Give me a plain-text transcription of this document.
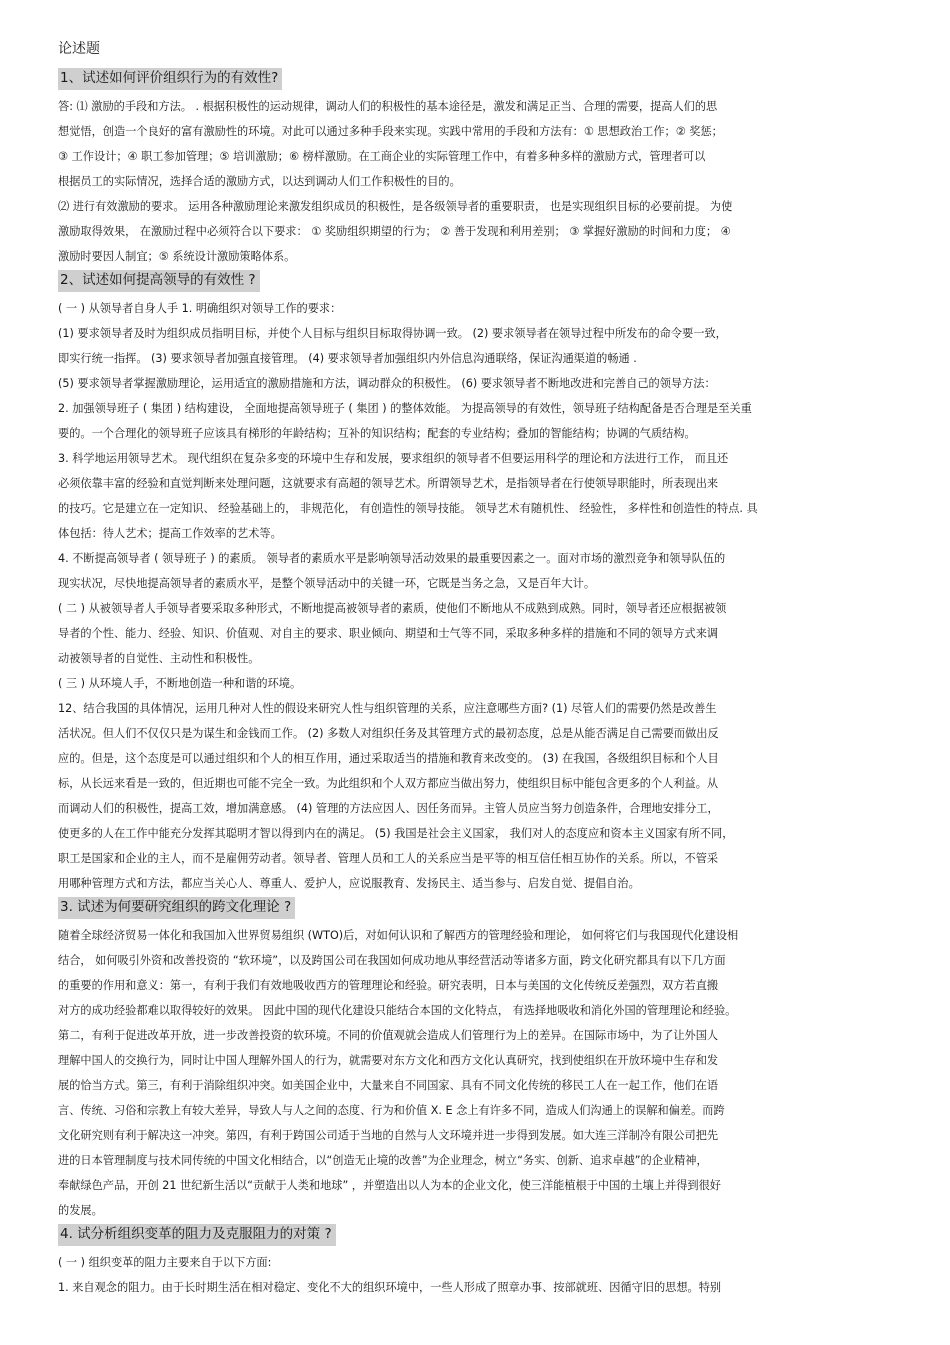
论述题
1、试述如何评价组织行为的有效性?
答: ⑴ 激励的手段和方法。 . 根据积极性的运动规律，调动人们的积极性的基本途径是，激发和满足正当、合理的需要，提高人们的思
想觉悟，创造一个良好的富有激励性的环境。对此可以通过多种手段来实现。实践中常用的手段和方法有：① 思想政治工作；② 奖惩；
③ 工作设计；④ 职工参加管理；⑤ 培训激励；⑥ 榜样激励。在工商企业的实际管理工作中，有着多种多样的激励方式，管理者可以
根据员工的实际情况，选择合适的激励方式，以达到调动人们工作积极性的目的。
⑵ 进行有效激励的要求。 运用各种激励理论来激发组织成员的积极性，是各级领导者的重要职责， 也是实现组织目标的必要前提。 为使
激励取得效果， 在激励过程中必须符合以下要求： ① 奖励组织期望的行为； ② 善于发现和利用差别； ③ 掌握好激励的时间和力度； ④
激励时要因人制宜；⑤ 系统设计激励策略体系。
2、试述如何提高领导的有效性 ?
( 一 ) 从领导者自身人手 1. 明确组织对领导工作的要求：
(1) 要求领导者及时为组织成员指明目标，并使个人目标与组织目标取得协调一致。 (2) 要求领导者在领导过程中所发布的命令要一致，
即实行统一指挥。 (3) 要求领导者加强直接管理。 (4) 要求领导者加强组织内外信息沟通联络，保证沟通渠道的畅通 .
(5) 要求领导者掌握激励理论，运用适宜的激励措施和方法，调动群众的积极性。 (6) 要求领导者不断地改进和完善自己的领导方法：
2. 加强领导班子 ( 集团 ) 结构建设， 全面地提高领导班子 ( 集团 ) 的整体效能。 为提高领导的有效性，领导班子结构配备是否合理是至关重
要的。一个合理化的领导班子应该具有梯形的年龄结构；互补的知识结构；配套的专业结构；叠加的智能结构；协调的气质结构。
3. 科学地运用领导艺术。 现代组织在复杂多变的环境中生存和发展，要求组织的领导者不但要运用科学的理论和方法进行工作， 而且还
必须依靠丰富的经验和直觉判断来处理问题，这就要求有高超的领导艺术。所谓领导艺术，是指领导者在行使领导职能时，所表现出来
的技巧。它是建立在一定知识、 经验基础上的， 非规范化， 有创造性的领导技能。 领导艺术有随机性、 经验性， 多样性和创造性的特点. 具
体包括：待人艺术；提高工作效率的艺术等。
4. 不断提高领导者 ( 领导班子 ) 的素质。 领导者的素质水平是影响领导活动效果的最重要因素之一。面对市场的激烈竞争和领导队伍的
现实状况，尽快地提高领导者的素质水平，是整个领导活动中的关键一环，它既是当务之急，又是百年大计。
( 二 ) 从被领导者人手领导者要采取多种形式，不断地提高被领导者的素质，使他们不断地从不成熟到成熟。同时，领导者还应根据被领
导者的个性、能力、经验、知识、价值观、对自主的要求、职业倾向、期望和士气等不同，采取多种多样的措施和不同的领导方式来调
动被领导者的自觉性、主动性和积极性。
( 三 ) 从环境人手，不断地创造一种和谐的环境。
12、结合我国的具体情况，运用几种对人性的假设来研究人性与组织管理的关系，应注意哪些方面? (1) 尽管人们的需要仍然是改善生
活状况。但人们不仅仅只是为谋生和金钱而工作。 (2) 多数人对组织任务及其管理方式的最初态度，总是从能否满足自己需要而做出反
应的。但是，这个态度是可以通过组织和个人的相互作用，通过采取适当的措施和教育来改变的。 (3) 在我国，各级组织目标和个人目
标，从长远来看是一致的，但近期也可能不完全一致。为此组织和个人双方都应当做出努力，使组织目标中能包含更多的个人利益。从
而调动人们的积极性，提高工效，增加满意感。 (4) 管理的方法应因人、因任务而异。主管人员应当努力创造条件，合理地安排分工，
使更多的人在工作中能充分发挥其聪明才智以得到内在的满足。 (5) 我国是社会主义国家， 我们对人的态度应和资本主义国家有所不同，
职工是国家和企业的主人，而不是雇佣劳动者。领导者、管理人员和工人的关系应当是平等的相互信任相互协作的关系。所以，不管采
用哪种管理方式和方法，都应当关心人、尊重人、爱护人，应说服教育、发扬民主、适当参与、启发自觉、提倡自治。
3. 试述为何要研究组织的跨文化理论 ?
随着全球经济贸易一体化和我国加入世界贸易组织 (WTO)后，对如何认识和了解西方的管理经验和理论， 如何将它们与我国现代化建设相
结合， 如何吸引外资和改善投资的 “软环境”，以及跨国公司在我国如何成功地从事经营活动等诸多方面，跨文化研究都具有以下几方面
的重要的作用和意义：第一，有利于我们有效地吸收西方的管理理论和经验。研究表明，日本与美国的文化传统反差强烈，双方若直搬
对方的成功经验都难以取得较好的效果。 因此中国的现代化建设只能结合本国的文化特点， 有选择地吸收和消化外国的管理理论和经验。
第二，有利于促进改革开放，进一步改善投资的软环境。不同的价值观就会造成人们管理行为上的差异。在国际市场中，为了让外国人
理解中国人的交换行为，同时让中国人理解外国人的行为，就需要对东方文化和西方文化认真研究，找到使组织在开放环境中生存和发
展的恰当方式。第三，有利于消除组织冲突。如美国企业中，大量来自不同国家、具有不同文化传统的移民工人在一起工作，他们在语
言、传统、习俗和宗教上有较大差异，导致人与人之间的态度、行为和价值 X. E 念上有许多不同，造成人们沟通上的误解和偏差。而跨
文化研究则有利于解决这一冲突。第四，有利于跨国公司适于当地的自然与人文环境并进一步得到发展。如大连三洋制冷有限公司把先
进的日本管理制度与技术同传统的中国文化相结合，以“创造无止境的改善”为企业理念，树立“务实、创新、追求卓越”的企业精神，
奉献绿色产品，开创 21 世纪新生活以“贡献于人类和地球” ，并塑造出以人为本的企业文化，使三洋能植根于中国的土壤上并得到很好
的发展。
4. 试分析组织变革的阻力及克服阻力的对策 ?
( 一 ) 组织变革的阻力主要来自于以下方面:
1. 来自观念的阻力。由于长时期生活在相对稳定、变化不大的组织环境中，一些人形成了照章办事、按部就班、因循守旧的思想。特别
